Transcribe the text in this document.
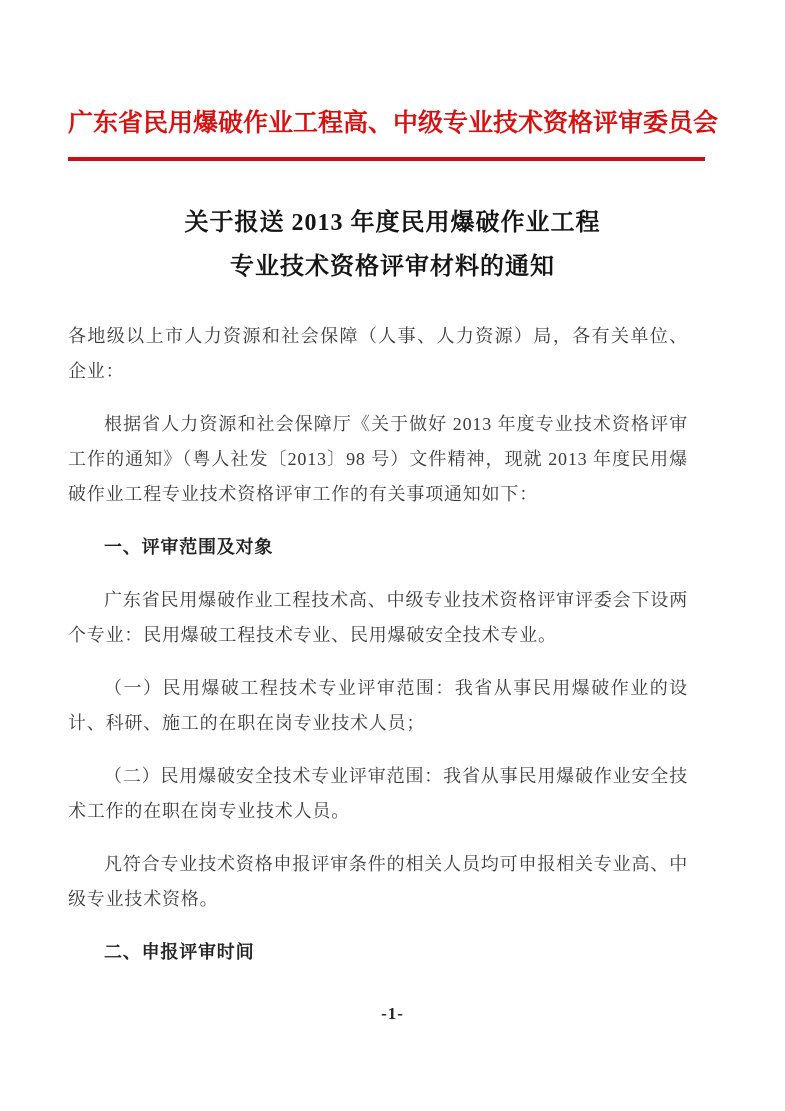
广东省民用爆破作业工程高、中级专业技术资格评审委员会
关于报送 2013 年度民用爆破作业工程
专业技术资格评审材料的通知
各地级以上市人力资源和社会保障（人事、人力资源）局，各有关单位、企业：
根据省人力资源和社会保障厅《关于做好 2013 年度专业技术资格评审工作的通知》（粤人社发〔2013〕98 号）文件精神，现就 2013 年度民用爆破作业工程专业技术资格评审工作的有关事项通知如下：
一、评审范围及对象
广东省民用爆破作业工程技术高、中级专业技术资格评审评委会下设两个专业：民用爆破工程技术专业、民用爆破安全技术专业。
（一）民用爆破工程技术专业评审范围：我省从事民用爆破作业的设计、科研、施工的在职在岗专业技术人员；
（二）民用爆破安全技术专业评审范围：我省从事民用爆破作业安全技术工作的在职在岗专业技术人员。
凡符合专业技术资格申报评审条件的相关人员均可申报相关专业高、中级专业技术资格。
二、申报评审时间
-1-
